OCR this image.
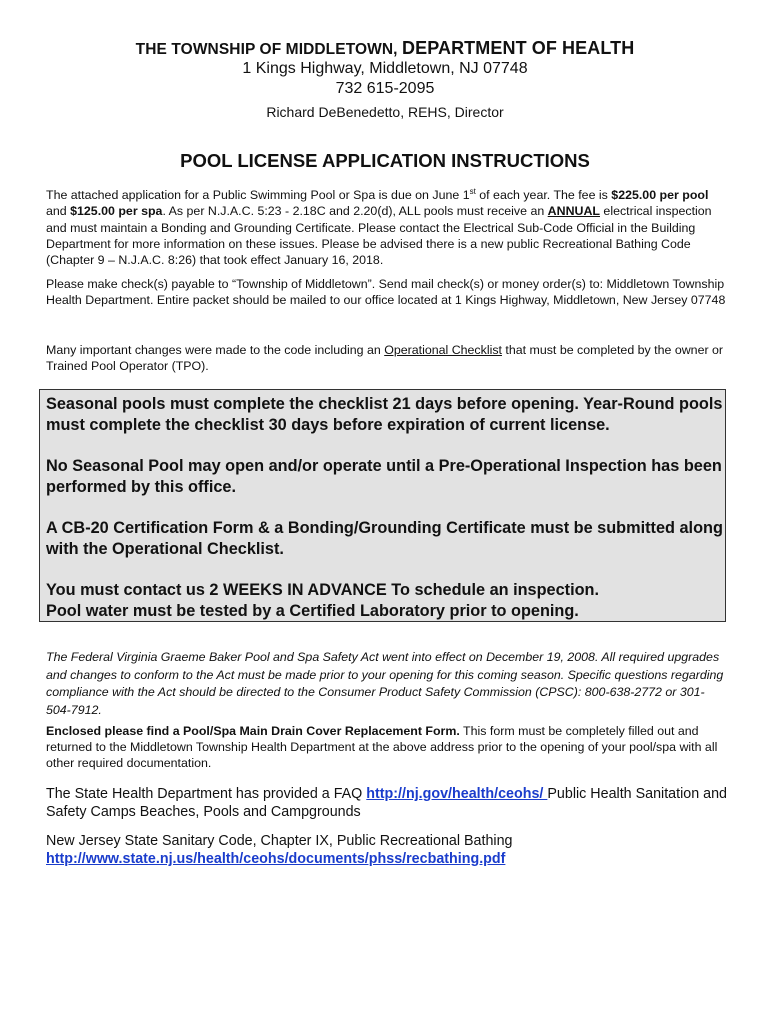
THE TOWNSHIP OF MIDDLETOWN, DEPARTMENT OF HEALTH
1 Kings Highway, Middletown, NJ 07748
732 615-2095
Richard DeBenedetto, REHS, Director
POOL LICENSE APPLICATION INSTRUCTIONS
The attached application for a Public Swimming Pool or Spa is due on June 1st of each year. The fee is $225.00 per pool and $125.00 per spa. As per N.J.A.C. 5:23 - 2.18C and 2.20(d), ALL pools must receive an ANNUAL electrical inspection and must maintain a Bonding and Grounding Certificate. Please contact the Electrical Sub-Code Official in the Building Department for more information on these issues. Please be advised there is a new public Recreational Bathing Code (Chapter 9 – N.J.A.C. 8:26) that took effect January 16, 2018.
Please make check(s) payable to “Township of Middletown”. Send mail check(s) or money order(s) to: Middletown Township Health Department. Entire packet should be mailed to our office located at 1 Kings Highway, Middletown, New Jersey 07748
Many important changes were made to the code including an Operational Checklist that must be completed by the owner or Trained Pool Operator (TPO).

Seasonal pools must complete the checklist 21 days before opening. Year-Round pools must complete the checklist 30 days before expiration of current license.

No Seasonal Pool may open and/or operate until a Pre-Operational Inspection has been performed by this office.

A CB-20 Certification Form & a Bonding/Grounding Certificate must be submitted along with the Operational Checklist.

You must contact us 2 WEEKS IN ADVANCE To schedule an inspection.
Pool water must be tested by a Certified Laboratory prior to opening.

The Federal Virginia Graeme Baker Pool and Spa Safety Act went into effect on December 19, 2008. All required upgrades and changes to conform to the Act must be made prior to your opening for this coming season. Specific questions regarding compliance with the Act should be directed to the Consumer Product Safety Commission (CPSC): 800-638-2772 or 301-504-7912.
Enclosed please find a Pool/Spa Main Drain Cover Replacement Form. This form must be completely filled out and returned to the Middletown Township Health Department at the above address prior to the opening of your pool/spa with all other required documentation.
The State Health Department has provided a FAQ http://nj.gov/health/ceohs/ Public Health Sanitation and Safety Camps Beaches, Pools and Campgrounds
New Jersey State Sanitary Code, Chapter IX, Public Recreational Bathing
http://www.state.nj.us/health/ceohs/documents/phss/recbathing.pdf
